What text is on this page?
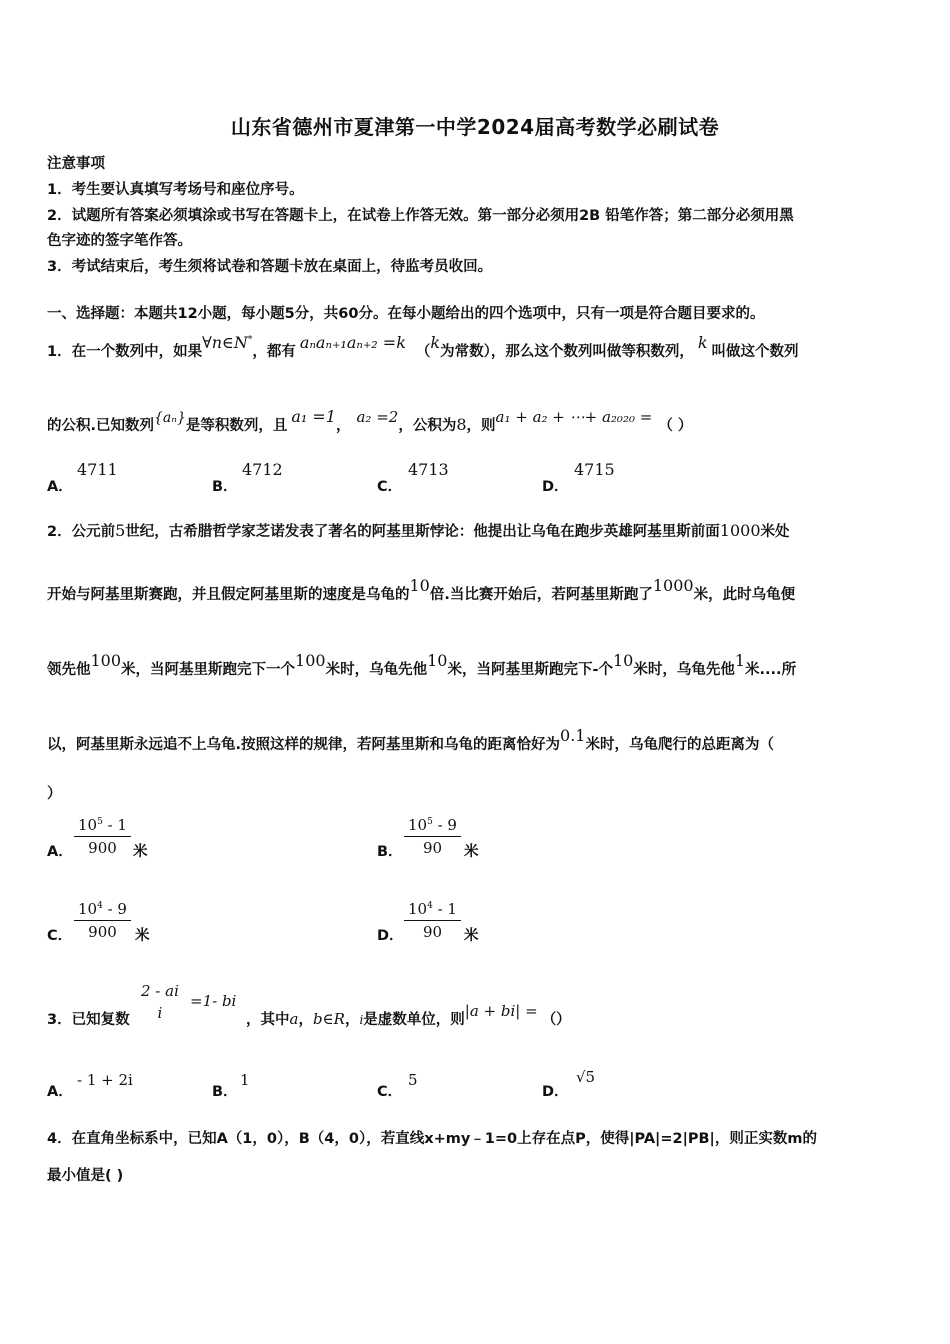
山东省德州市夏津第一中学2024届高考数学必刷试卷
注意事项
1．考生要认真填写考场号和座位序号。
2．试题所有答案必须填涂或书写在答题卡上，在试卷上作答无效。第一部分必须用2B 铅笔作答；第二部分必须用黑
色字迹的签字笔作答。
3．考试结束后，考生须将试卷和答题卡放在桌面上，待监考员收回。
一、选择题：本题共12小题，每小题5分，共60分。在每小题给出的四个选项中，只有一项是符合题目要求的。
1．在一个数列中，如果∀n∈N*，都有 aₙaₙ₊₁aₙ₊₂ =k （k为常数），那么这个数列叫做等积数列， k 叫做这个数列
的公积.已知数列{aₙ}是等积数列，且 a₁ =1， a₂ =2，公积为8，则a₁ + a₂ + ⋯+ a₂₀₂₀ = （ ）
A．
4711
B．
4712
C．
4713
D．
4715
2．公元前5世纪，古希腊哲学家芝诺发表了著名的阿基里斯悖论：他提出让乌龟在跑步英雄阿基里斯前面1000米处
开始与阿基里斯赛跑，并且假定阿基里斯的速度是乌龟的10倍.当比赛开始后，若阿基里斯跑了1000米，此时乌龟便
领先他100米，当阿基里斯跑完下一个100米时，乌龟先他10米，当阿基里斯跑完下-个10米时，乌龟先他1米....所
以，阿基里斯永远追不上乌龟.按照这样的规律，若阿基里斯和乌龟的距离恰好为0.1米时，乌龟爬行的总距离为（
）
A． $\frac{10^5 - 1}{900}$ 米	B． $\frac{10^5 - 9}{90}$ 米
C． $\frac{10^4 - 9}{900}$ 米	D． $\frac{10^4 - 1}{90}$ 米
3．已知复数
2 - ai
i
=1- bi
，其中a，b∈R，i是虚数单位，则|a + bi| = （）
A．
- 1 + 2i
B．
1
C．
5
D．
√5
4．在直角坐标系中，已知A（1，0），B（4，0），若直线x+my﹣1=0上存在点P，使得|PA|=2|PB|，则正实数m的
最小值是( )
